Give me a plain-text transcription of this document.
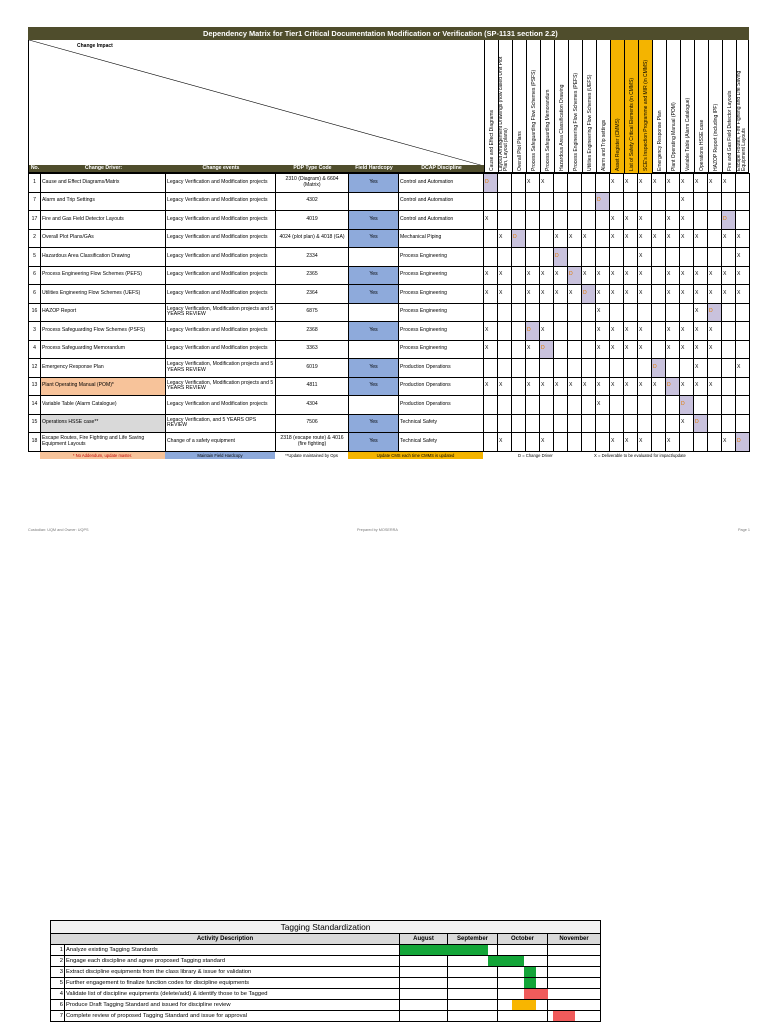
Dependency Matrix for Tier1 Critical Documentation Modification or Verification (SP-1131 section 2.2)
Change Impact
Cause and Effect Diagrams Layout Arrangement Drawings (now called Unit Plot Plan, Layout plans) Overall Plot Plans Process Safeguarding Flow Schemes (PSFS) Process Safeguarding Memorandum Hazardous Area Classification Drawing Process Engineering Flow Schemes (PEFS) Utilities Engineering Flow Schemes (UEFS) Alarm and Trip settings Asset Register (CMMS) List of Safety Critical Elements (in CMMS) SCE's Inspection Programme and MIR (in CMMS) Emergency Response Plan Plant Operating Manual (POM) Variable Table (Alarm Catalogue) Operations HSSE case HAZOP Report (including IPF) Fire and Gas Field Detector Layouts Escape Routes, Fire Fighting and Life Saving Equipment Layouts
No.	Change Driver:	Change events	PDP Type Code	Field Hardcopy	DCAP Discipline
1	Cause and Effect Diagrams/Matrix	Legacy Verification and Modification projects	2310 (Diagram) & 6604 (Matrix)	Yes	Control and Automation	D			X	X					X	X	X	X	X	X	X	X	X	
7	Alarm and Trip Settings	Legacy Verification and Modification projects	4302		Control and Automation									D						X				
17	Fire and Gas Field Detector Layouts	Legacy Verification and Modification projects	4019	Yes	Control and Automation	X									X	X	X		X	X			D	
2	Overall Plot Plans/GAs	Legacy Verification and Modification projects	4024 (plot plan) & 4018 (GA)	Yes	Mechanical Piping		X	D			X	X	X		X	X	X	X	X	X	X		X	X
5	Hazardous Area Classification Drawing	Legacy Verification and Modification projects	2334		Process Engineering						D						X							X
6	Process Engineering Flow Schemes (PEFS)	Legacy Verification and Modification projects	2365	Yes	Process Engineering	X	X		X	X	X	D	X	X	X	X	X		X	X	X	X	X	X
6	Utilities Engineering Flow Schemes (UEFS)	Legacy Verification and Modification projects	2364	Yes	Process Engineering	X	X		X	X	X	X	D	X	X	X	X		X	X	X	X	X	X
16	HAZOP Report	Legacy Verification, Modification projects and 5 YEARS REVIEW	6875		Process Engineering									X							X	D		
3	Process Safeguarding Flow Schemes (PSFS)	Legacy Verification and Modification projects	2368	Yes	Process Engineering	X			D	X				X	X	X	X		X	X	X	X		
4	Process Safeguarding Memorandum	Legacy Verification and Modification projects	3363		Process Engineering	X			X	D				X	X	X	X		X	X	X	X		
12	Emergency Response Plan	Legacy Verification, Modification projects and 5 YEARS REVIEW	6019	Yes	Production Operations													D			X			X
13	Plant Operating Manual (POM)*	Legacy Verification, Modification projects and 5 YEARS REVIEW	4811	Yes	Production Operations	X	X		X	X	X	X	X	X	X	X	X	X	D	X	X	X		
14	Variable Table (Alarm Catalogue)	Legacy Verification and Modification projects	4304		Production Operations									X						D				
15	Operations HSSE case**	Legacy Verification, and 5 YEARS OPS REVIEW	7506	Yes	Technical Safety															X	D			
18	Escape Routes, Fire Fighting and Life Saving Equipment Layouts	Change of a safety equipment	2318 (escape route) & 4016 (fire fighting)	Yes	Technical Safety		X			X					X	X	X		X				X	D
* No Addendum, update master.	Maintain Field Hardcopy	**Update maintained by Ops	Update CMS each time CMMS is updated	D = Change Driver	X = Deliverable to be evaluated for impact/update
Custodian: UQM and Owner: UQPS	Prepared by MOSERRA	Page 1
Tagging Standardization
Activity Description	August	September	October	November
1 Analyze existing Tagging Standards
2 Engage each discipline and agree proposed Tagging standard
3 Extract discipline equipments from the class library & issue for validation
5 Further engagement to finalize function codes for discipline equipments
4 Validate list of discipline equipments (delete/add) & identify those to be Tagged
6 Produce Draft Tagging Standard and issued for discipline review
7 Complete review of proposed Tagging Standard and issue for approval
